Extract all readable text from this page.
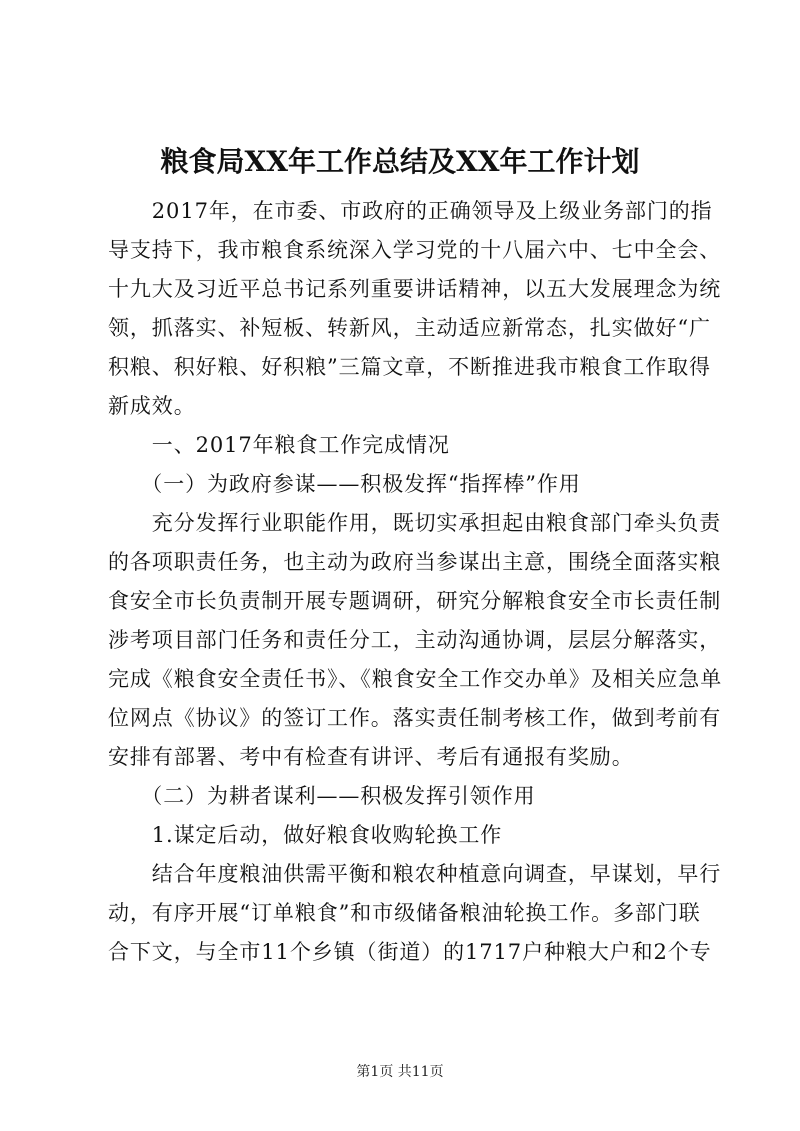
粮食局XX年工作总结及XX年工作计划
　　2017年，在市委、市政府的正确领导及上级业务部门的指
导支持下，我市粮食系统深入学习党的十八届六中、七中全会、
十九大及习近平总书记系列重要讲话精神，以五大发展理念为统
领，抓落实、补短板、转新风，主动适应新常态，扎实做好“广
积粮、积好粮、好积粮”三篇文章，不断推进我市粮食工作取得
新成效。
　　一、2017年粮食工作完成情况
　　（一）为政府参谋——积极发挥“指挥棒”作用
　　充分发挥行业职能作用，既切实承担起由粮食部门牵头负责
的各项职责任务，也主动为政府当参谋出主意，围绕全面落实粮
食安全市长负责制开展专题调研，研究分解粮食安全市长责任制
涉考项目部门任务和责任分工，主动沟通协调，层层分解落实，
完成《粮食安全责任书》、《粮食安全工作交办单》及相关应急单
位网点《协议》的签订工作。落实责任制考核工作，做到考前有
安排有部署、考中有检查有讲评、考后有通报有奖励。
　　（二）为耕者谋利——积极发挥引领作用
　　1.谋定后动，做好粮食收购轮换工作
　　结合年度粮油供需平衡和粮农种植意向调查，早谋划，早行
动，有序开展“订单粮食”和市级储备粮油轮换工作。多部门联
合下文，与全市11个乡镇（街道）的1717户种粮大户和2个专
第1页 共11页
